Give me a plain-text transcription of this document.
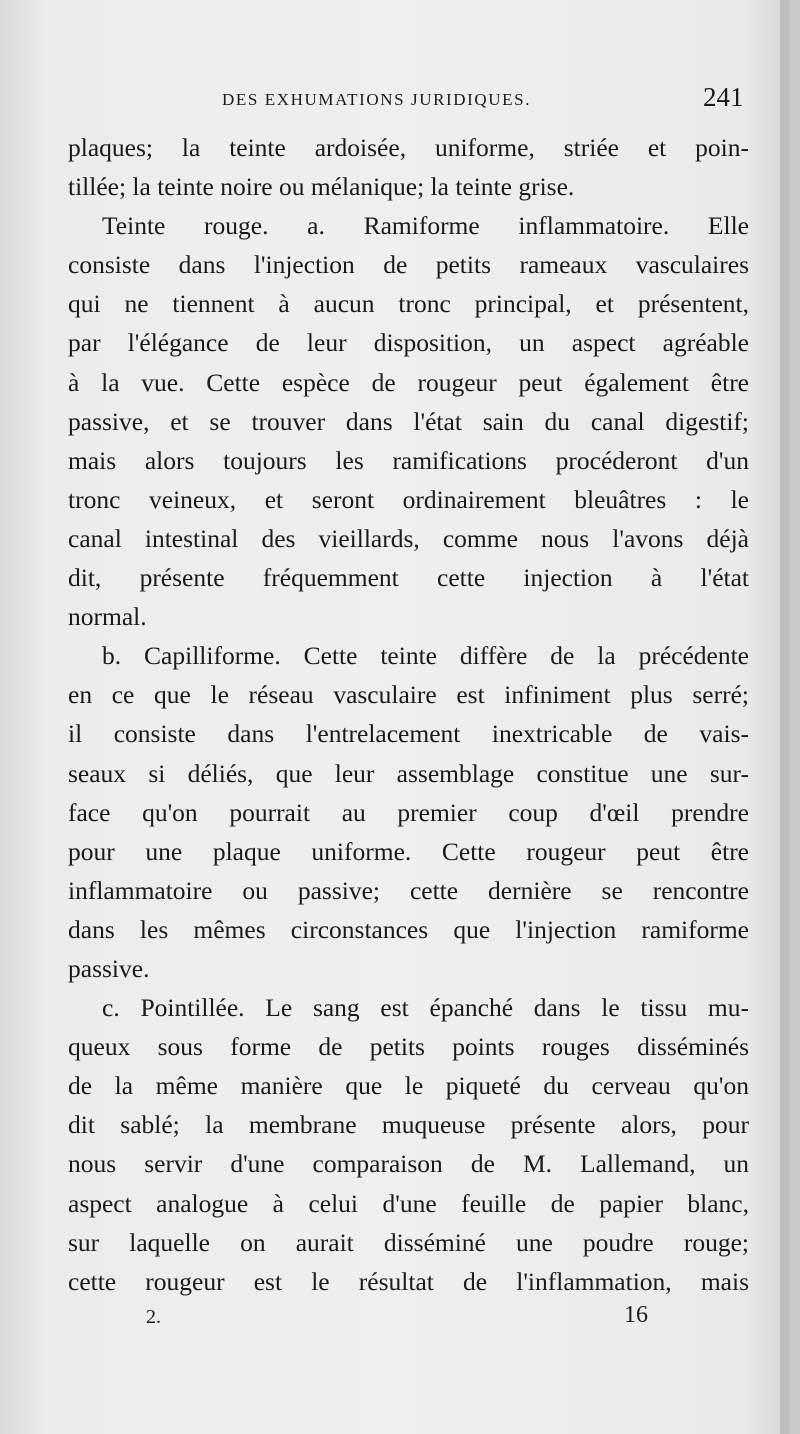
DES EXHUMATIONS JURIDIQUES.	241
plaques; la teinte ardoisée, uniforme, striée et poin-
tillée; la teinte noire ou mélanique; la teinte grise.
Teinte rouge. a. Ramiforme inflammatoire. Elle
consiste dans l'injection de petits rameaux vasculaires
qui ne tiennent à aucun tronc principal, et présentent,
par l'élégance de leur disposition, un aspect agréable
à la vue. Cette espèce de rougeur peut également être
passive, et se trouver dans l'état sain du canal digestif;
mais alors toujours les ramifications procéderont d'un
tronc veineux, et seront ordinairement bleuâtres : le
canal intestinal des vieillards, comme nous l'avons déjà
dit, présente fréquemment cette injection à l'état
normal.
b. Capilliforme. Cette teinte diffère de la précédente
en ce que le réseau vasculaire est infiniment plus serré;
il consiste dans l'entrelacement inextricable de vais-
seaux si déliés, que leur assemblage constitue une sur-
face qu'on pourrait au premier coup d'œil prendre
pour une plaque uniforme. Cette rougeur peut être
inflammatoire ou passive; cette dernière se rencontre
dans les mêmes circonstances que l'injection ramiforme
passive.
c. Pointillée. Le sang est épanché dans le tissu mu-
queux sous forme de petits points rouges disséminés
de la même manière que le piqueté du cerveau qu'on
dit sablé; la membrane muqueuse présente alors, pour
nous servir d'une comparaison de M. Lallemand, un
aspect analogue à celui d'une feuille de papier blanc,
sur laquelle on aurait disséminé une poudre rouge;
cette rougeur est le résultat de l'inflammation, mais
2.	16
